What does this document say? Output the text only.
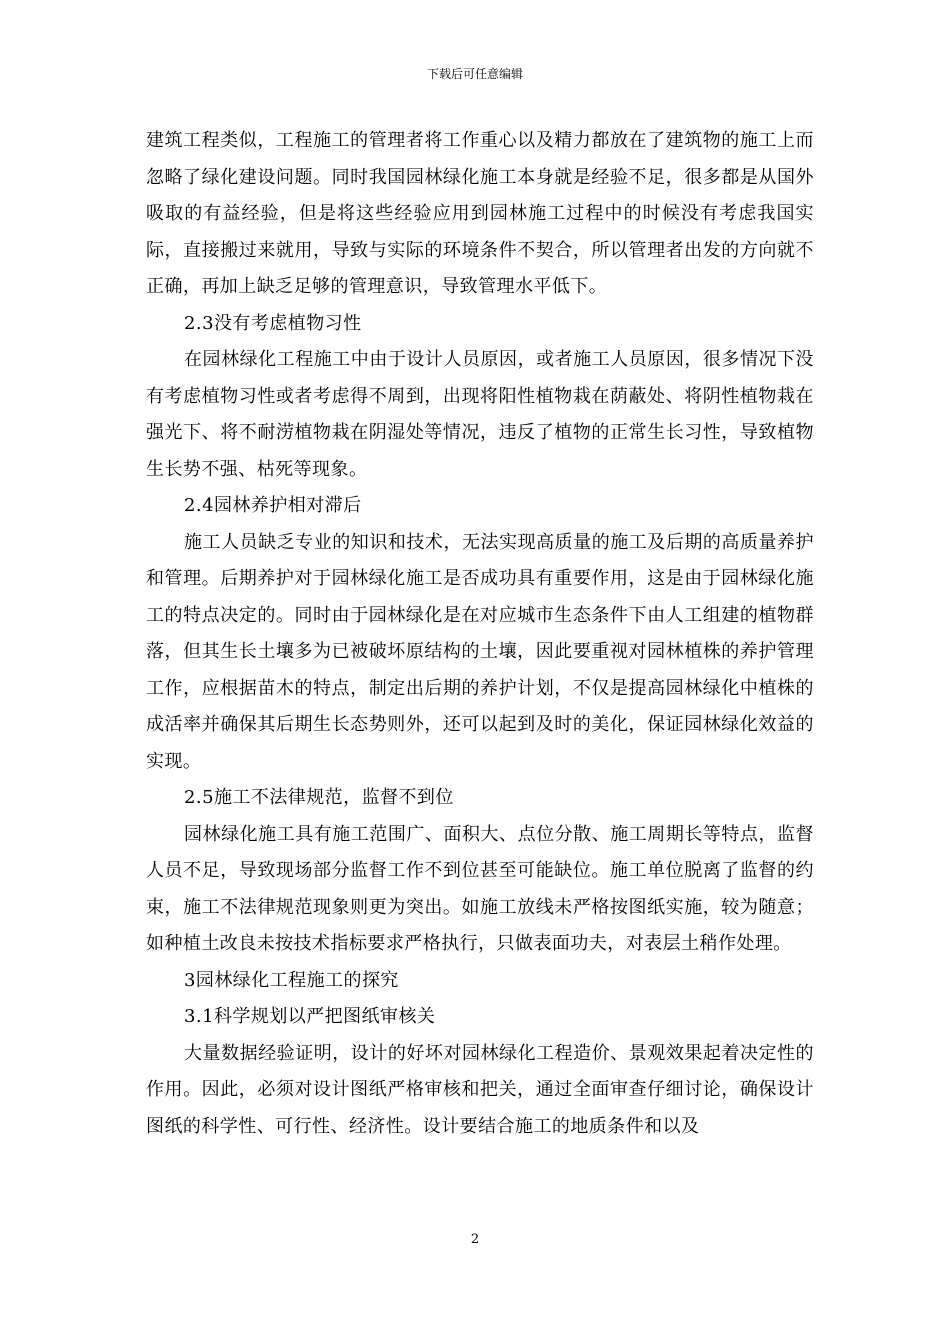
下载后可任意编辑

建筑工程类似，工程施工的管理者将工作重心以及精力都放在了建筑物的施工上而忽略了绿化建设问题。同时我国园林绿化施工本身就是经验不足，很多都是从国外吸取的有益经验，但是将这些经验应用到园林施工过程中的时候没有考虑我国实际，直接搬过来就用，导致与实际的环境条件不契合，所以管理者出发的方向就不正确，再加上缺乏足够的管理意识，导致管理水平低下。

2.3没有考虑植物习性

在园林绿化工程施工中由于设计人员原因，或者施工人员原因，很多情况下没有考虑植物习性或者考虑得不周到，出现将阳性植物栽在荫蔽处、将阴性植物栽在强光下、将不耐涝植物栽在阴湿处等情况，违反了植物的正常生长习性，导致植物生长势不强、枯死等现象。

2.4园林养护相对滞后

施工人员缺乏专业的知识和技术，无法实现高质量的施工及后期的高质量养护和管理。后期养护对于园林绿化施工是否成功具有重要作用，这是由于园林绿化施工的特点决定的。同时由于园林绿化是在对应城市生态条件下由人工组建的植物群落，但其生长土壤多为已被破坏原结构的土壤，因此要重视对园林植株的养护管理工作，应根据苗木的特点，制定出后期的养护计划，不仅是提高园林绿化中植株的成活率并确保其后期生长态势则外，还可以起到及时的美化，保证园林绿化效益的实现。

2.5施工不法律规范，监督不到位

园林绿化施工具有施工范围广、面积大、点位分散、施工周期长等特点，监督人员不足，导致现场部分监督工作不到位甚至可能缺位。施工单位脱离了监督的约束，施工不法律规范现象则更为突出。如施工放线未严格按图纸实施，较为随意；如种植土改良未按技术指标要求严格执行，只做表面功夫，对表层土稍作处理。

3园林绿化工程施工的探究

3.1科学规划以严把图纸审核关

大量数据经验证明，设计的好坏对园林绿化工程造价、景观效果起着决定性的作用。因此，必须对设计图纸严格审核和把关，通过全面审查仔细讨论，确保设计图纸的科学性、可行性、经济性。设计要结合施工的地质条件和以及

2
